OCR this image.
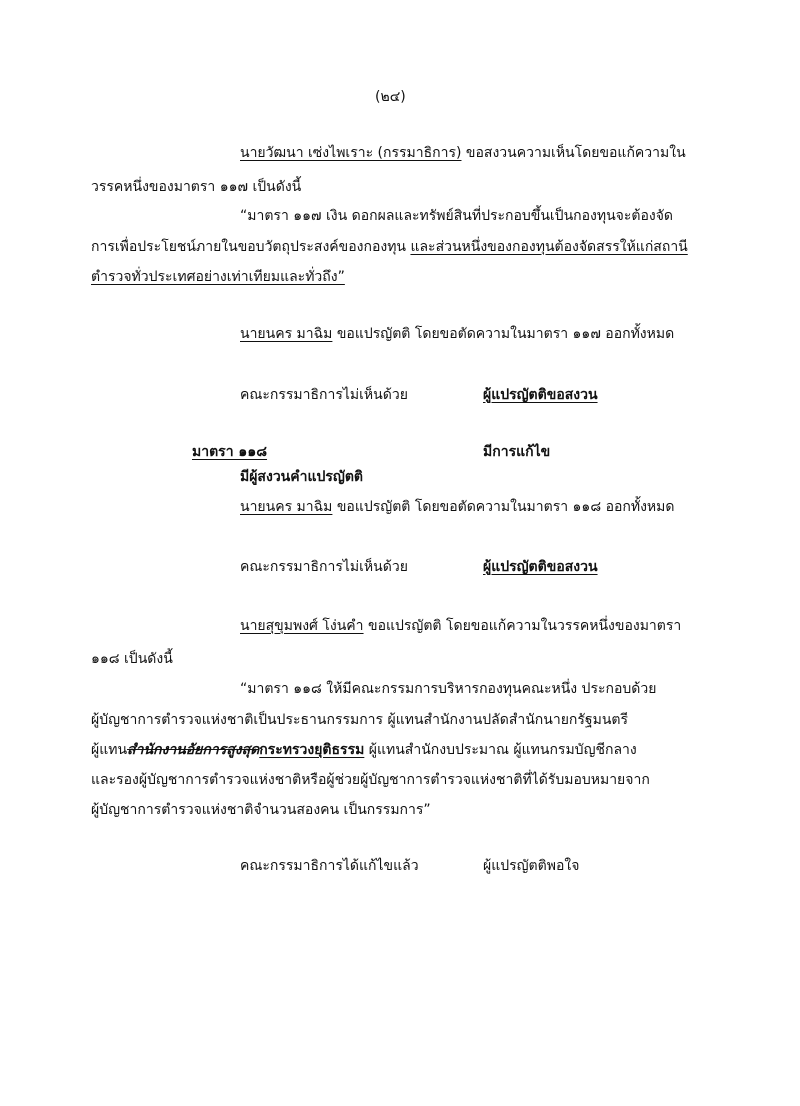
(๒๔)
นายวัฒนา เซ่งไพเราะ (กรรมาธิการ) ขอสงวนความเห็นโดยขอแก้ความใน
วรรคหนึ่งของมาตรา ๑๑๗ เป็นดังนี้
“มาตรา ๑๑๗ เงิน ดอกผลและทรัพย์สินที่ประกอบขึ้นเป็นกองทุนจะต้องจัด
การเพื่อประโยชน์ภายในขอบวัตถุประสงค์ของกองทุน และส่วนหนึ่งของกองทุนต้องจัดสรรให้แก่สถานี
ตำรวจทั่วประเทศอย่างเท่าเทียมและทั่วถึง”
นายนคร มาฉิม ขอแปรญัตติ โดยขอตัดความในมาตรา ๑๑๗ ออกทั้งหมด
คณะกรรมาธิการไม่เห็นด้วย	ผู้แปรญัตติขอสงวน
มาตรา ๑๑๘	มีการแก้ไข
มีผู้สงวนคำแปรญัตติ
นายนคร มาฉิม ขอแปรญัตติ โดยขอตัดความในมาตรา ๑๑๘ ออกทั้งหมด
คณะกรรมาธิการไม่เห็นด้วย	ผู้แปรญัตติขอสงวน
นายสุขุมพงศ์ โง่นคำ ขอแปรญัตติ โดยขอแก้ความในวรรคหนึ่งของมาตรา
๑๑๘ เป็นดังนี้
“มาตรา ๑๑๘ ให้มีคณะกรรมการบริหารกองทุนคณะหนึ่ง ประกอบด้วย
ผู้บัญชาการตำรวจแห่งชาติเป็นประธานกรรมการ ผู้แทนสำนักงานปลัดสำนักนายกรัฐมนตรี
ผู้แทนสำนักงานอัยการสูงสุดกระทรวงยุติธรรม ผู้แทนสำนักงบประมาณ ผู้แทนกรมบัญชีกลาง
และรองผู้บัญชาการตำรวจแห่งชาติหรือผู้ช่วยผู้บัญชาการตำรวจแห่งชาติที่ได้รับมอบหมายจาก
ผู้บัญชาการตำรวจแห่งชาติจำนวนสองคน เป็นกรรมการ”
คณะกรรมาธิการได้แก้ไขแล้ว	ผู้แปรญัตติพอใจ
